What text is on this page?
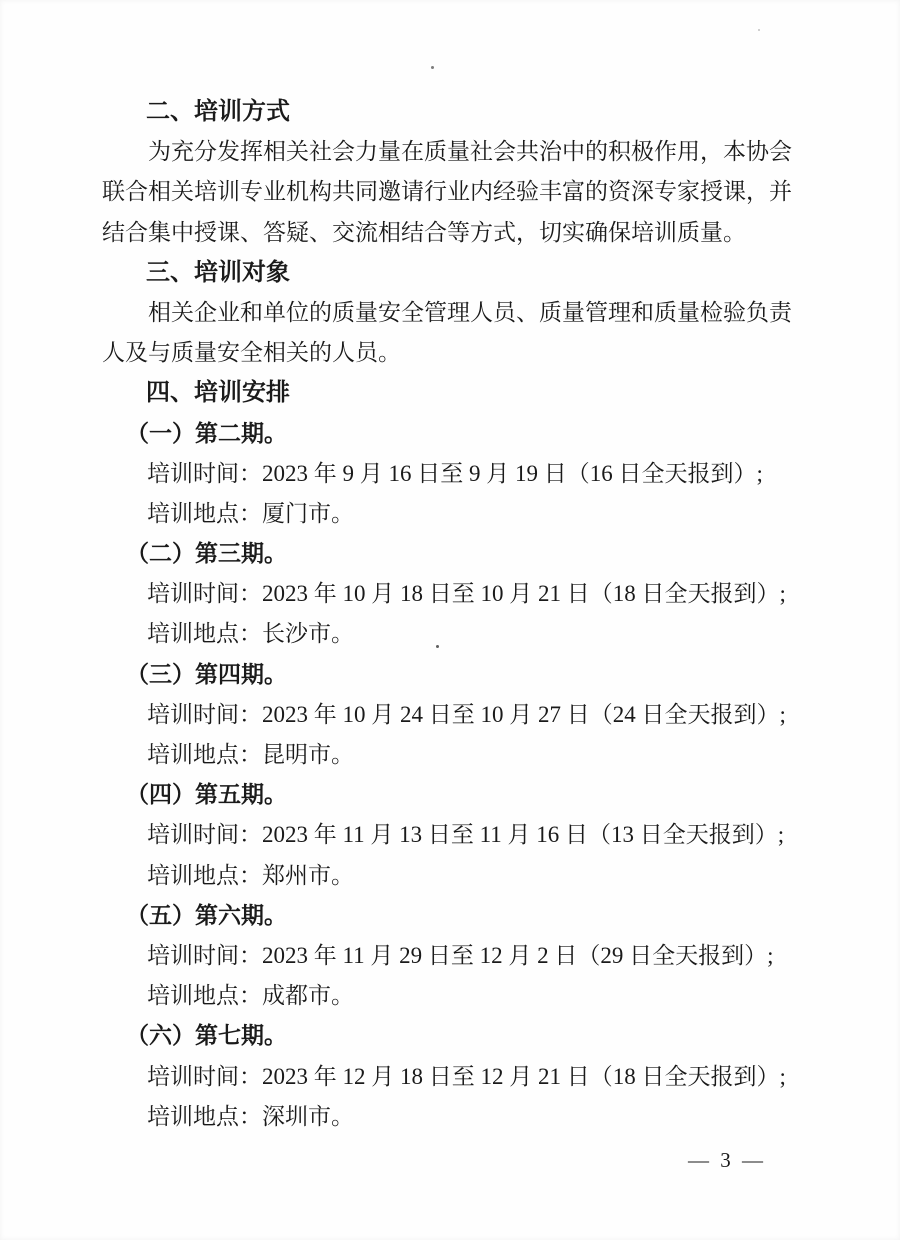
二、培训方式
为充分发挥相关社会力量在质量社会共治中的积极作用，本协会
联合相关培训专业机构共同邀请行业内经验丰富的资深专家授课，并
结合集中授课、答疑、交流相结合等方式，切实确保培训质量。
三、培训对象
相关企业和单位的质量安全管理人员、质量管理和质量检验负责
人及与质量安全相关的人员。
四、培训安排
（一）第二期。
培训时间：2023 年 9 月 16 日至 9 月 19 日（16 日全天报到）;
培训地点：厦门市。
（二）第三期。
培训时间：2023 年 10 月 18 日至 10 月 21 日（18 日全天报到）;
培训地点：长沙市。
（三）第四期。
培训时间：2023 年 10 月 24 日至 10 月 27 日（24 日全天报到）;
培训地点：昆明市。
（四）第五期。
培训时间：2023 年 11 月 13 日至 11 月 16 日（13 日全天报到）;
培训地点：郑州市。
（五）第六期。
培训时间：2023 年 11 月 29 日至 12 月 2 日（29 日全天报到）;
培训地点：成都市。
（六）第七期。
培训时间：2023 年 12 月 18 日至 12 月 21 日（18 日全天报到）;
培训地点：深圳市。
— 3 —
